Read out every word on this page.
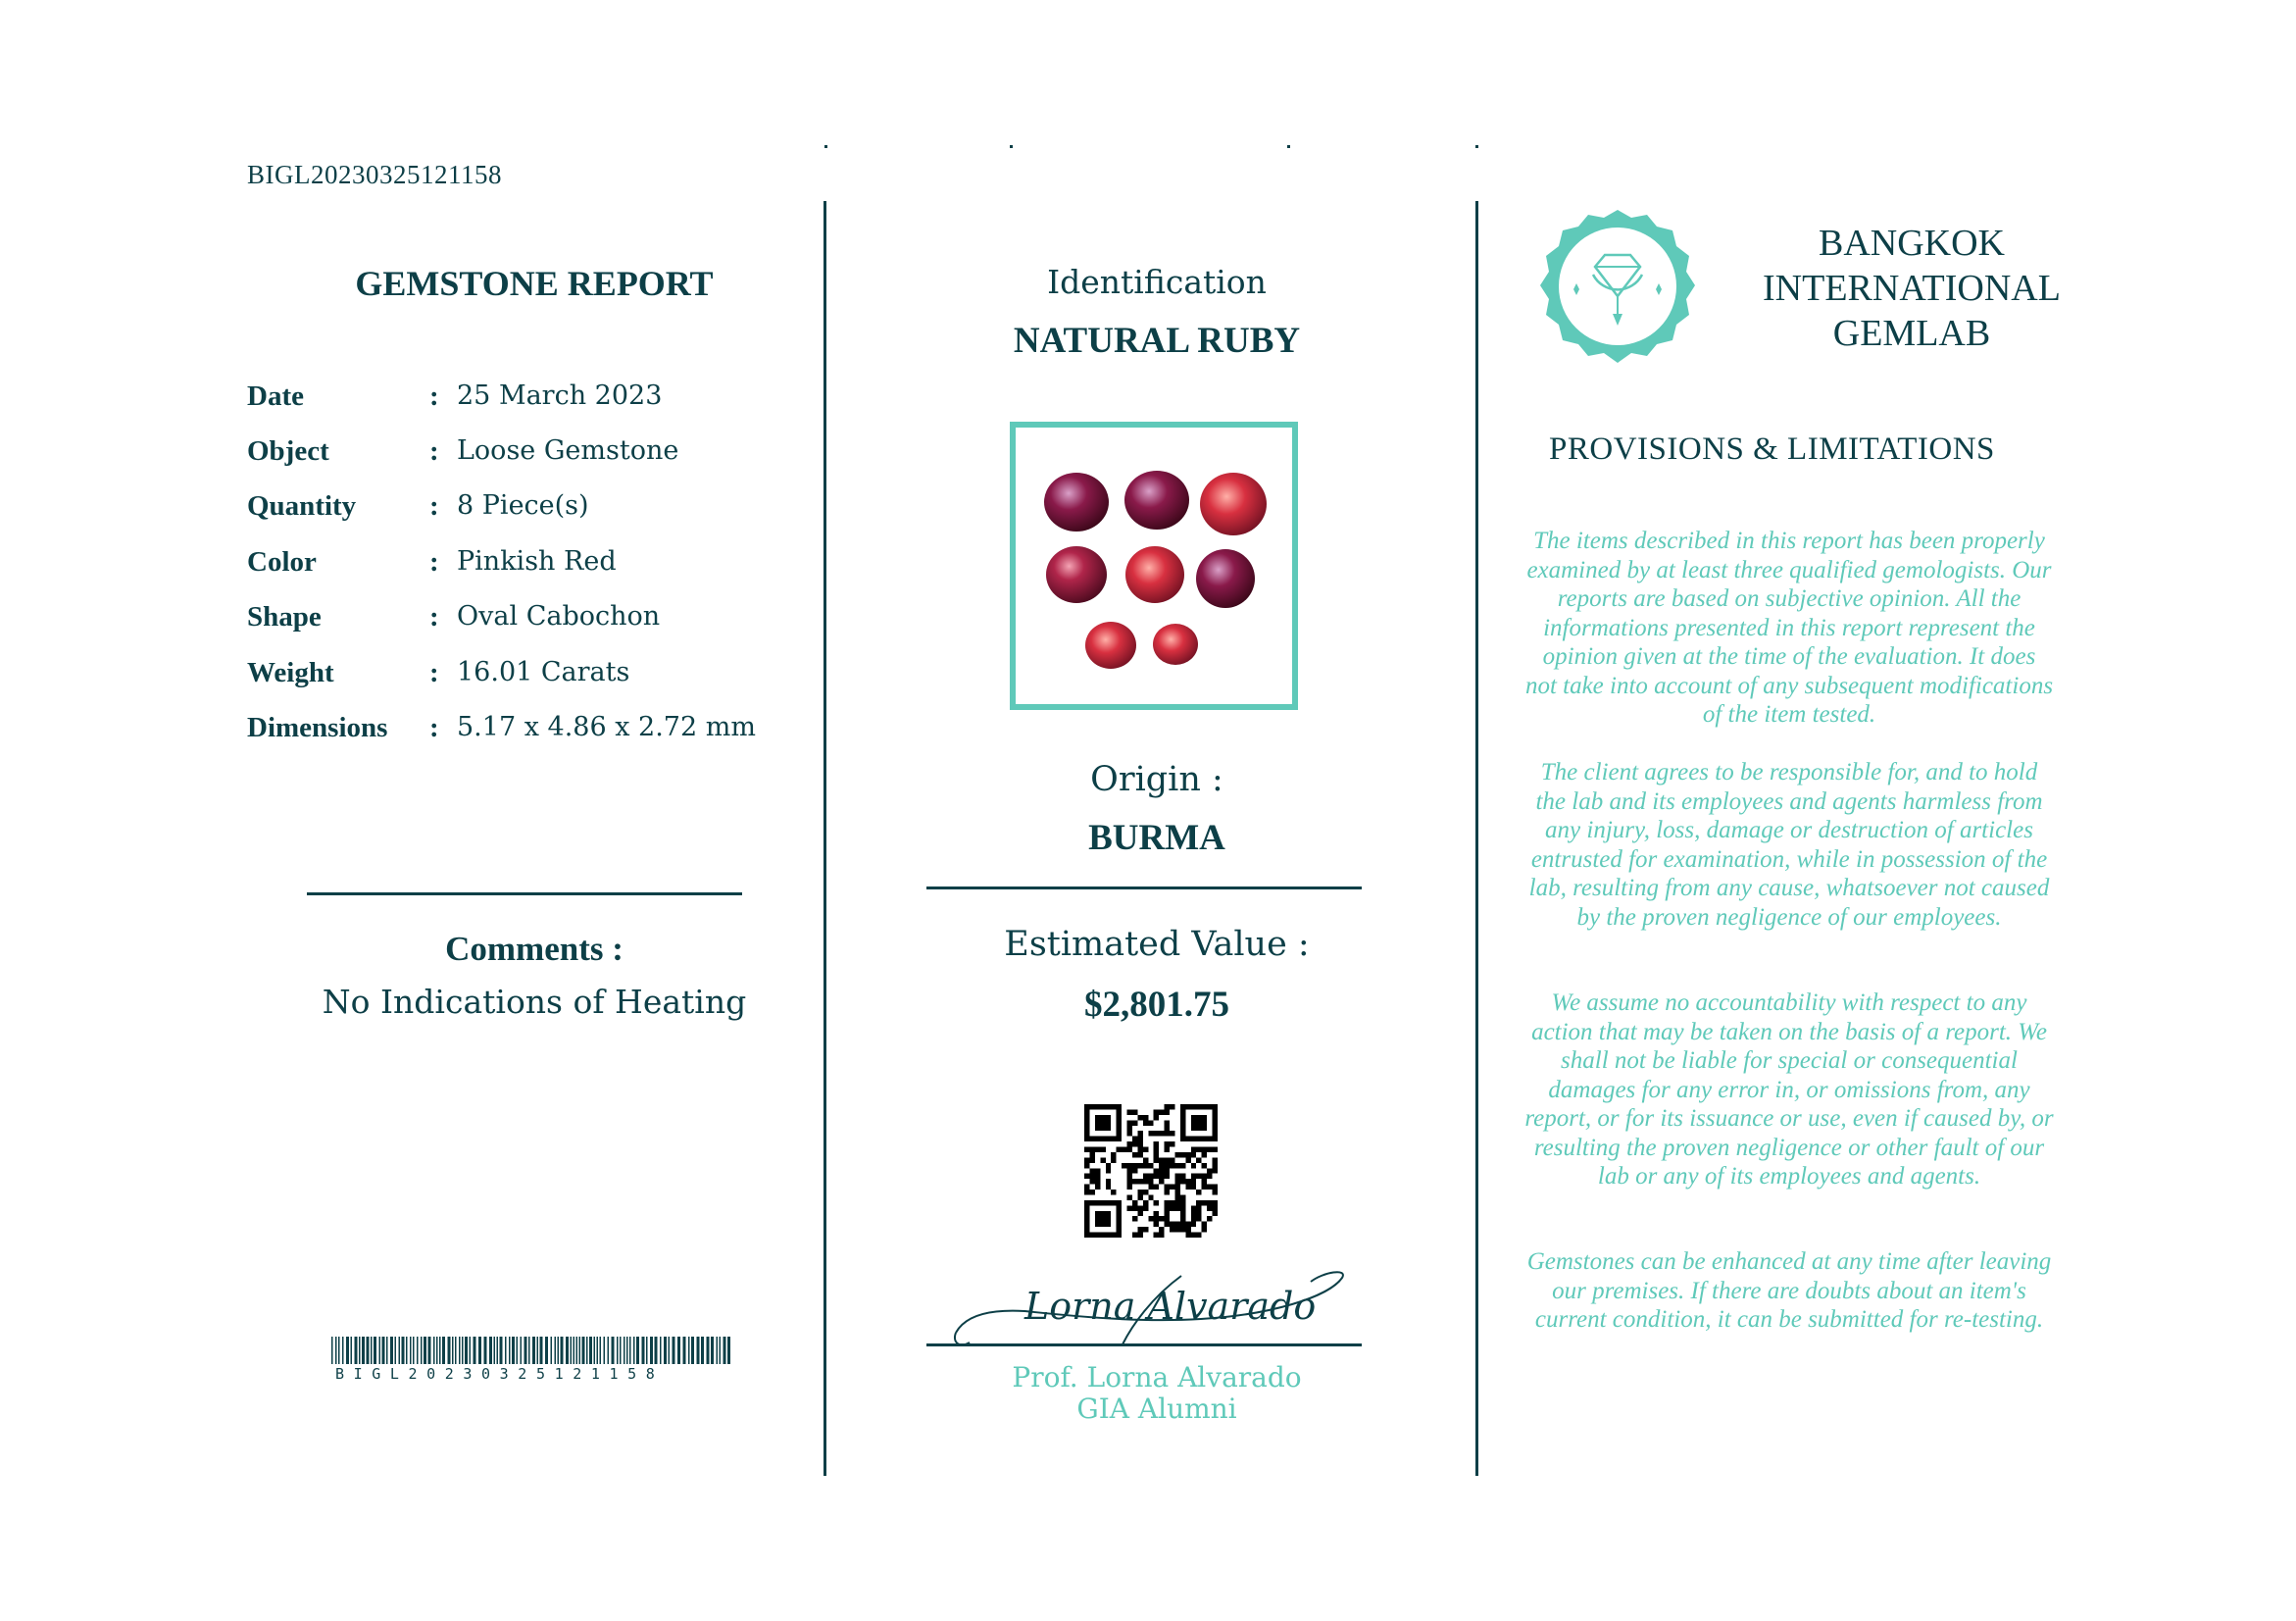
BIGL20230325121158
GEMSTONE REPORT
Date	: 25 March 2023
Object	: Loose Gemstone
Quantity	: 8 Piece(s)
Color	: Pinkish Red
Shape	: Oval Cabochon
Weight	: 16.01 Carats
Dimensions : 5.17 x 4.86 x 2.72 mm
Comments :
No Indications of Heating
BIGL20230325121158
Identification
NATURAL RUBY
Origin :
BURMA
Estimated Value :
$2,801.75
Lorna Alvarado
Prof. Lorna Alvarado
GIA Alumni
BANGKOK
INTERNATIONAL
GEMLAB
PROVISIONS & LIMITATIONS
The items described in this report has been properly examined by at least three qualified gemologists. Our reports are based on subjective opinion. All the informations presented in this report represent the opinion given at the time of the evaluation. It does not take into account of any subsequent modifications of the item tested.
The client agrees to be responsible for, and to hold the lab and its employees and agents harmless from any injury, loss, damage or destruction of articles entrusted for examination, while in possession of the lab, resulting from any cause, whatsoever not caused by the proven negligence of our employees.
We assume no accountability with respect to any action that may be taken on the basis of a report. We shall not be liable for special or consequential damages for any error in, or omissions from, any report, or for its issuance or use, even if caused by, or resulting the proven negligence or other fault of our lab or any of its employees and agents.
Gemstones can be enhanced at any time after leaving our premises. If there are doubts about an item's current condition, it can be submitted for re-testing.
